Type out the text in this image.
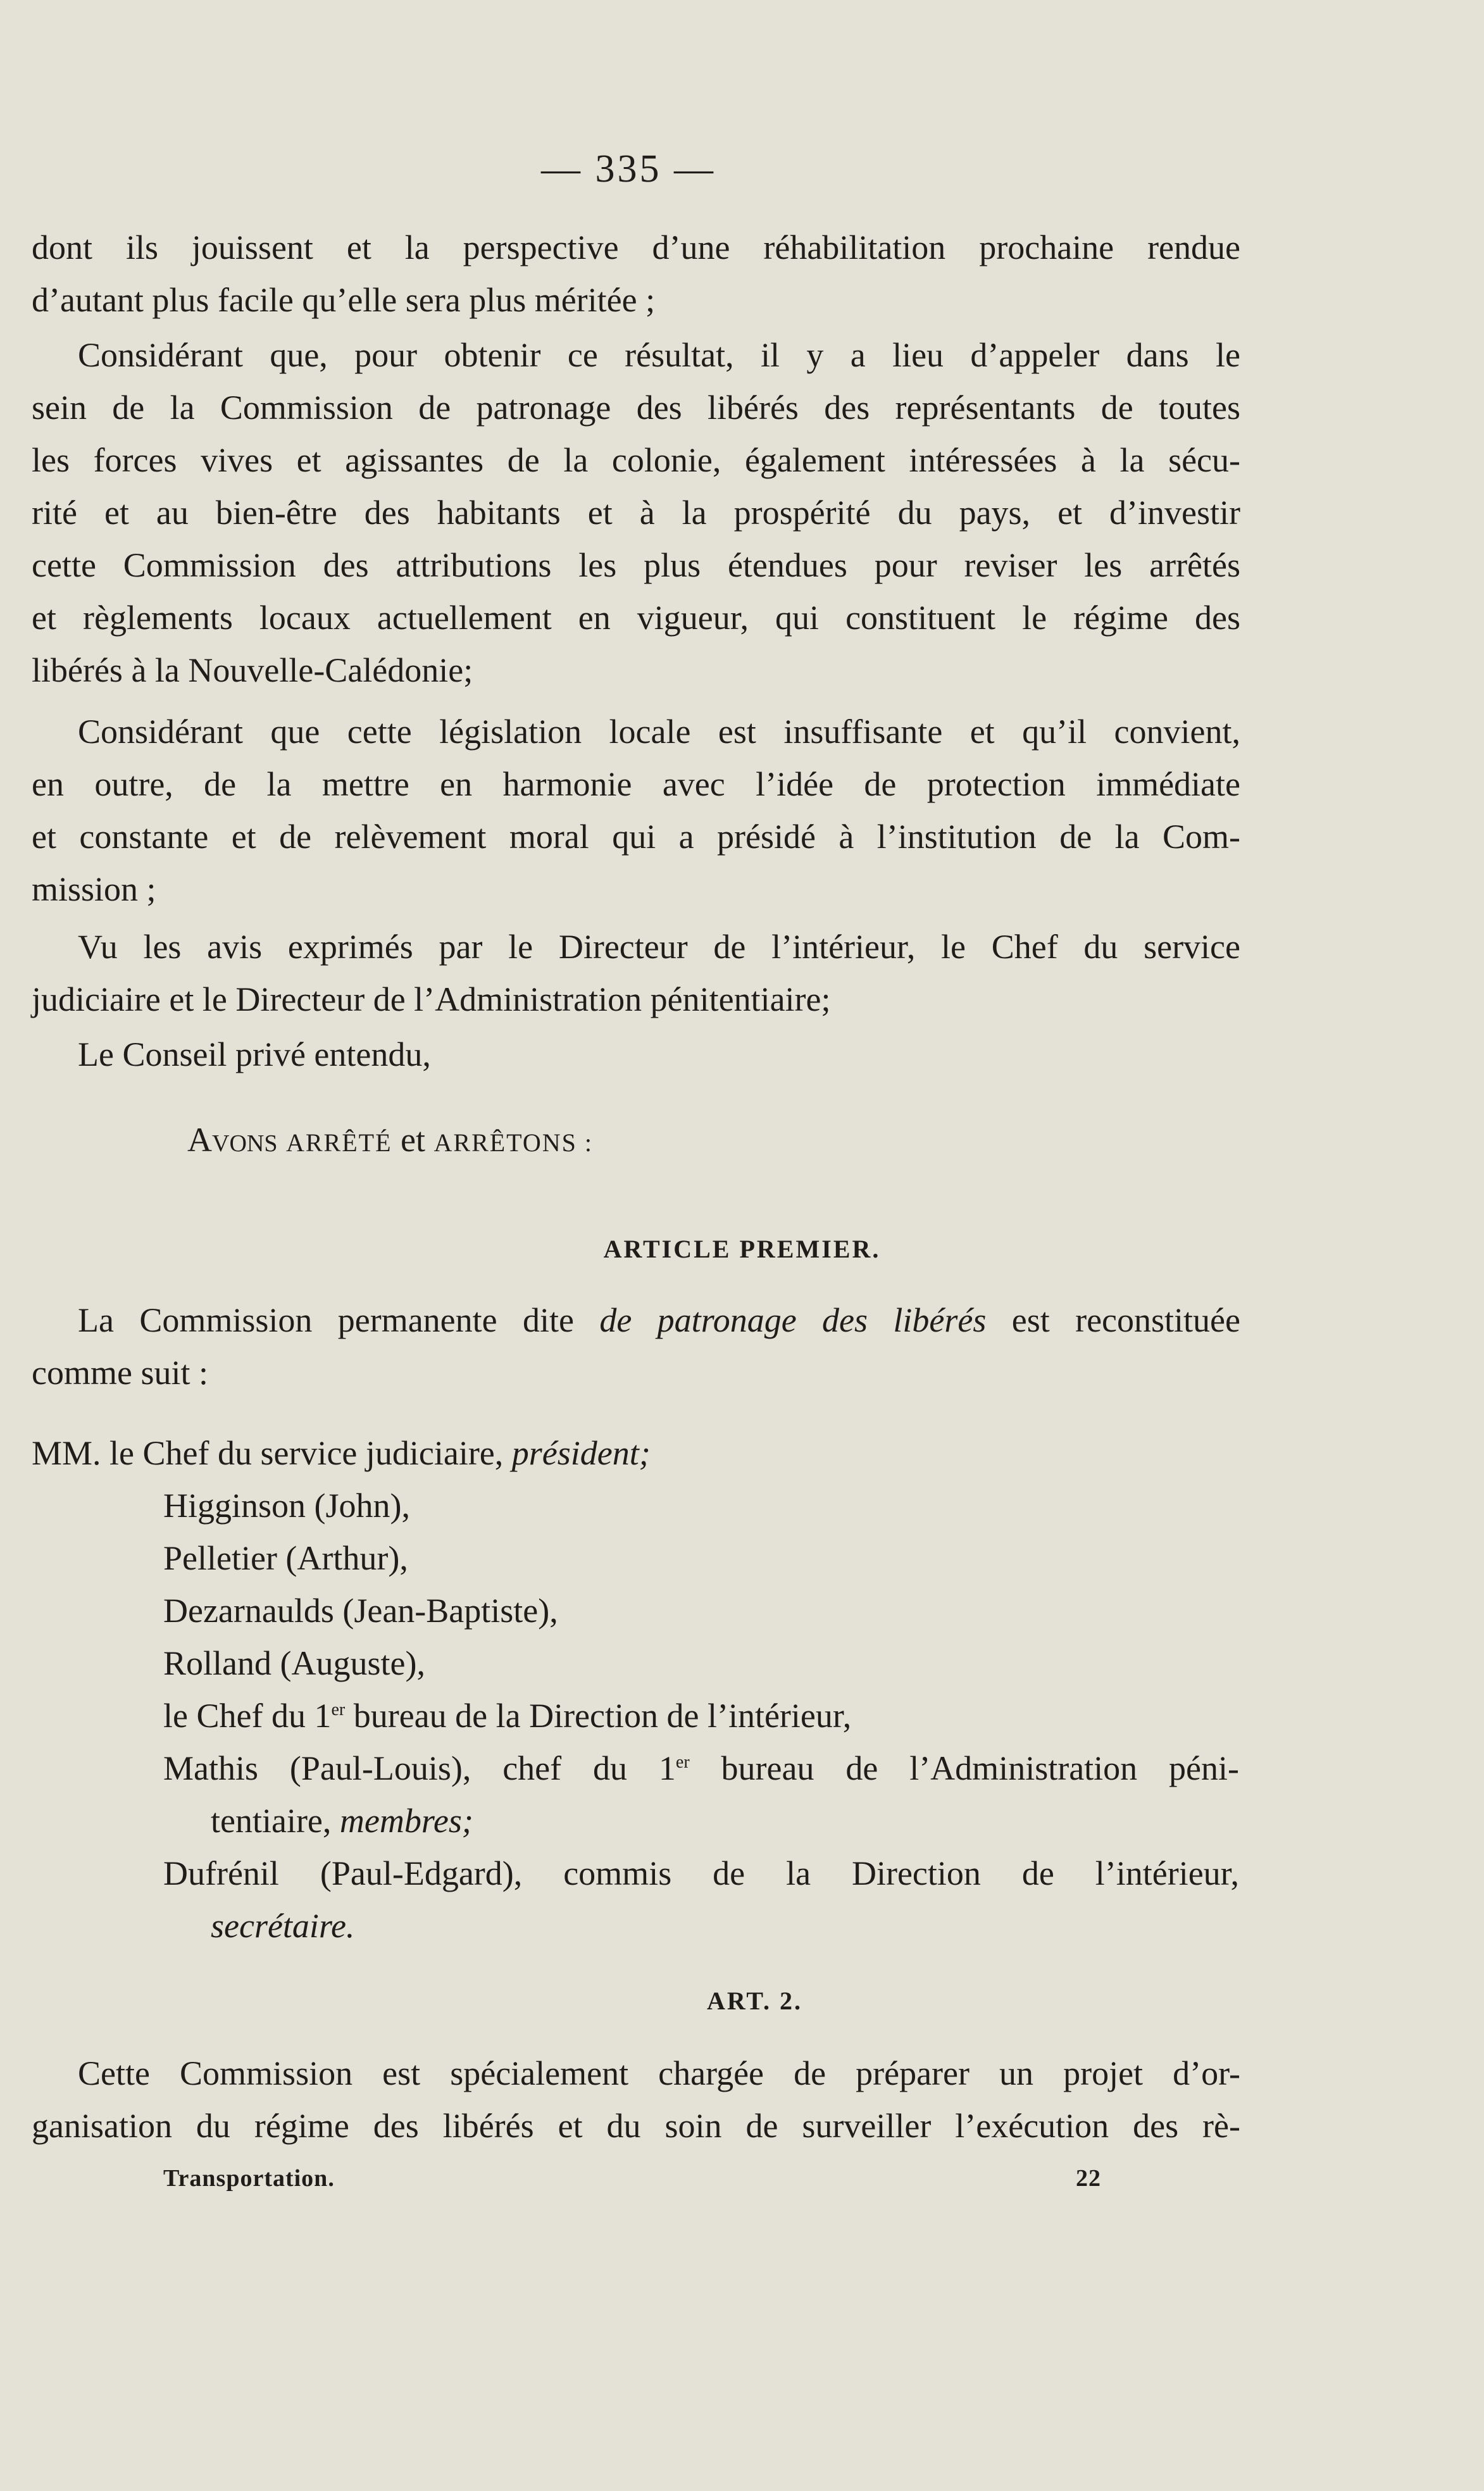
— 335 —
dont ils jouissent et la perspective d’une réhabilitation prochaine rendue
d’autant plus facile qu’elle sera plus méritée ;
Considérant que, pour obtenir ce résultat, il y a lieu d’appeler dans le
sein de la Commission de patronage des libérés des représentants de toutes
les forces vives et agissantes de la colonie, également intéressées à la sécu-
rité et au bien-être des habitants et à la prospérité du pays, et d’investir
cette Commission des attributions les plus étendues pour reviser les arrêtés
et règlements locaux actuellement en vigueur, qui constituent le régime des
libérés à la Nouvelle-Calédonie;
Considérant que cette législation locale est insuffisante et qu’il convient,
en outre, de la mettre en harmonie avec l’idée de protection immédiate
et constante et de relèvement moral qui a présidé à l’institution de la Com-
mission ;
Vu les avis exprimés par le Directeur de l’intérieur, le Chef du service
judiciaire et le Directeur de l’Administration pénitentiaire;
Le Conseil privé entendu,
Avons ARRÊTÉ et ARRÊTONS :
ARTICLE PREMIER.
La Commission permanente dite de patronage des libérés est reconstituée
comme suit :
MM. le Chef du service judiciaire, président;
Higginson (John),
Pelletier (Arthur),
Dezarnaulds (Jean-Baptiste),
Rolland (Auguste),
le Chef du 1er bureau de la Direction de l’intérieur,
Mathis (Paul-Louis), chef du 1er bureau de l’Administration péni-
tentiaire, membres;
Dufrénil (Paul-Edgard), commis de la Direction de l’intérieur,
secrétaire.
ART. 2.
Cette Commission est spécialement chargée de préparer un projet d’or-
ganisation du régime des libérés et du soin de surveiller l’exécution des rè-
Transportation.	22
